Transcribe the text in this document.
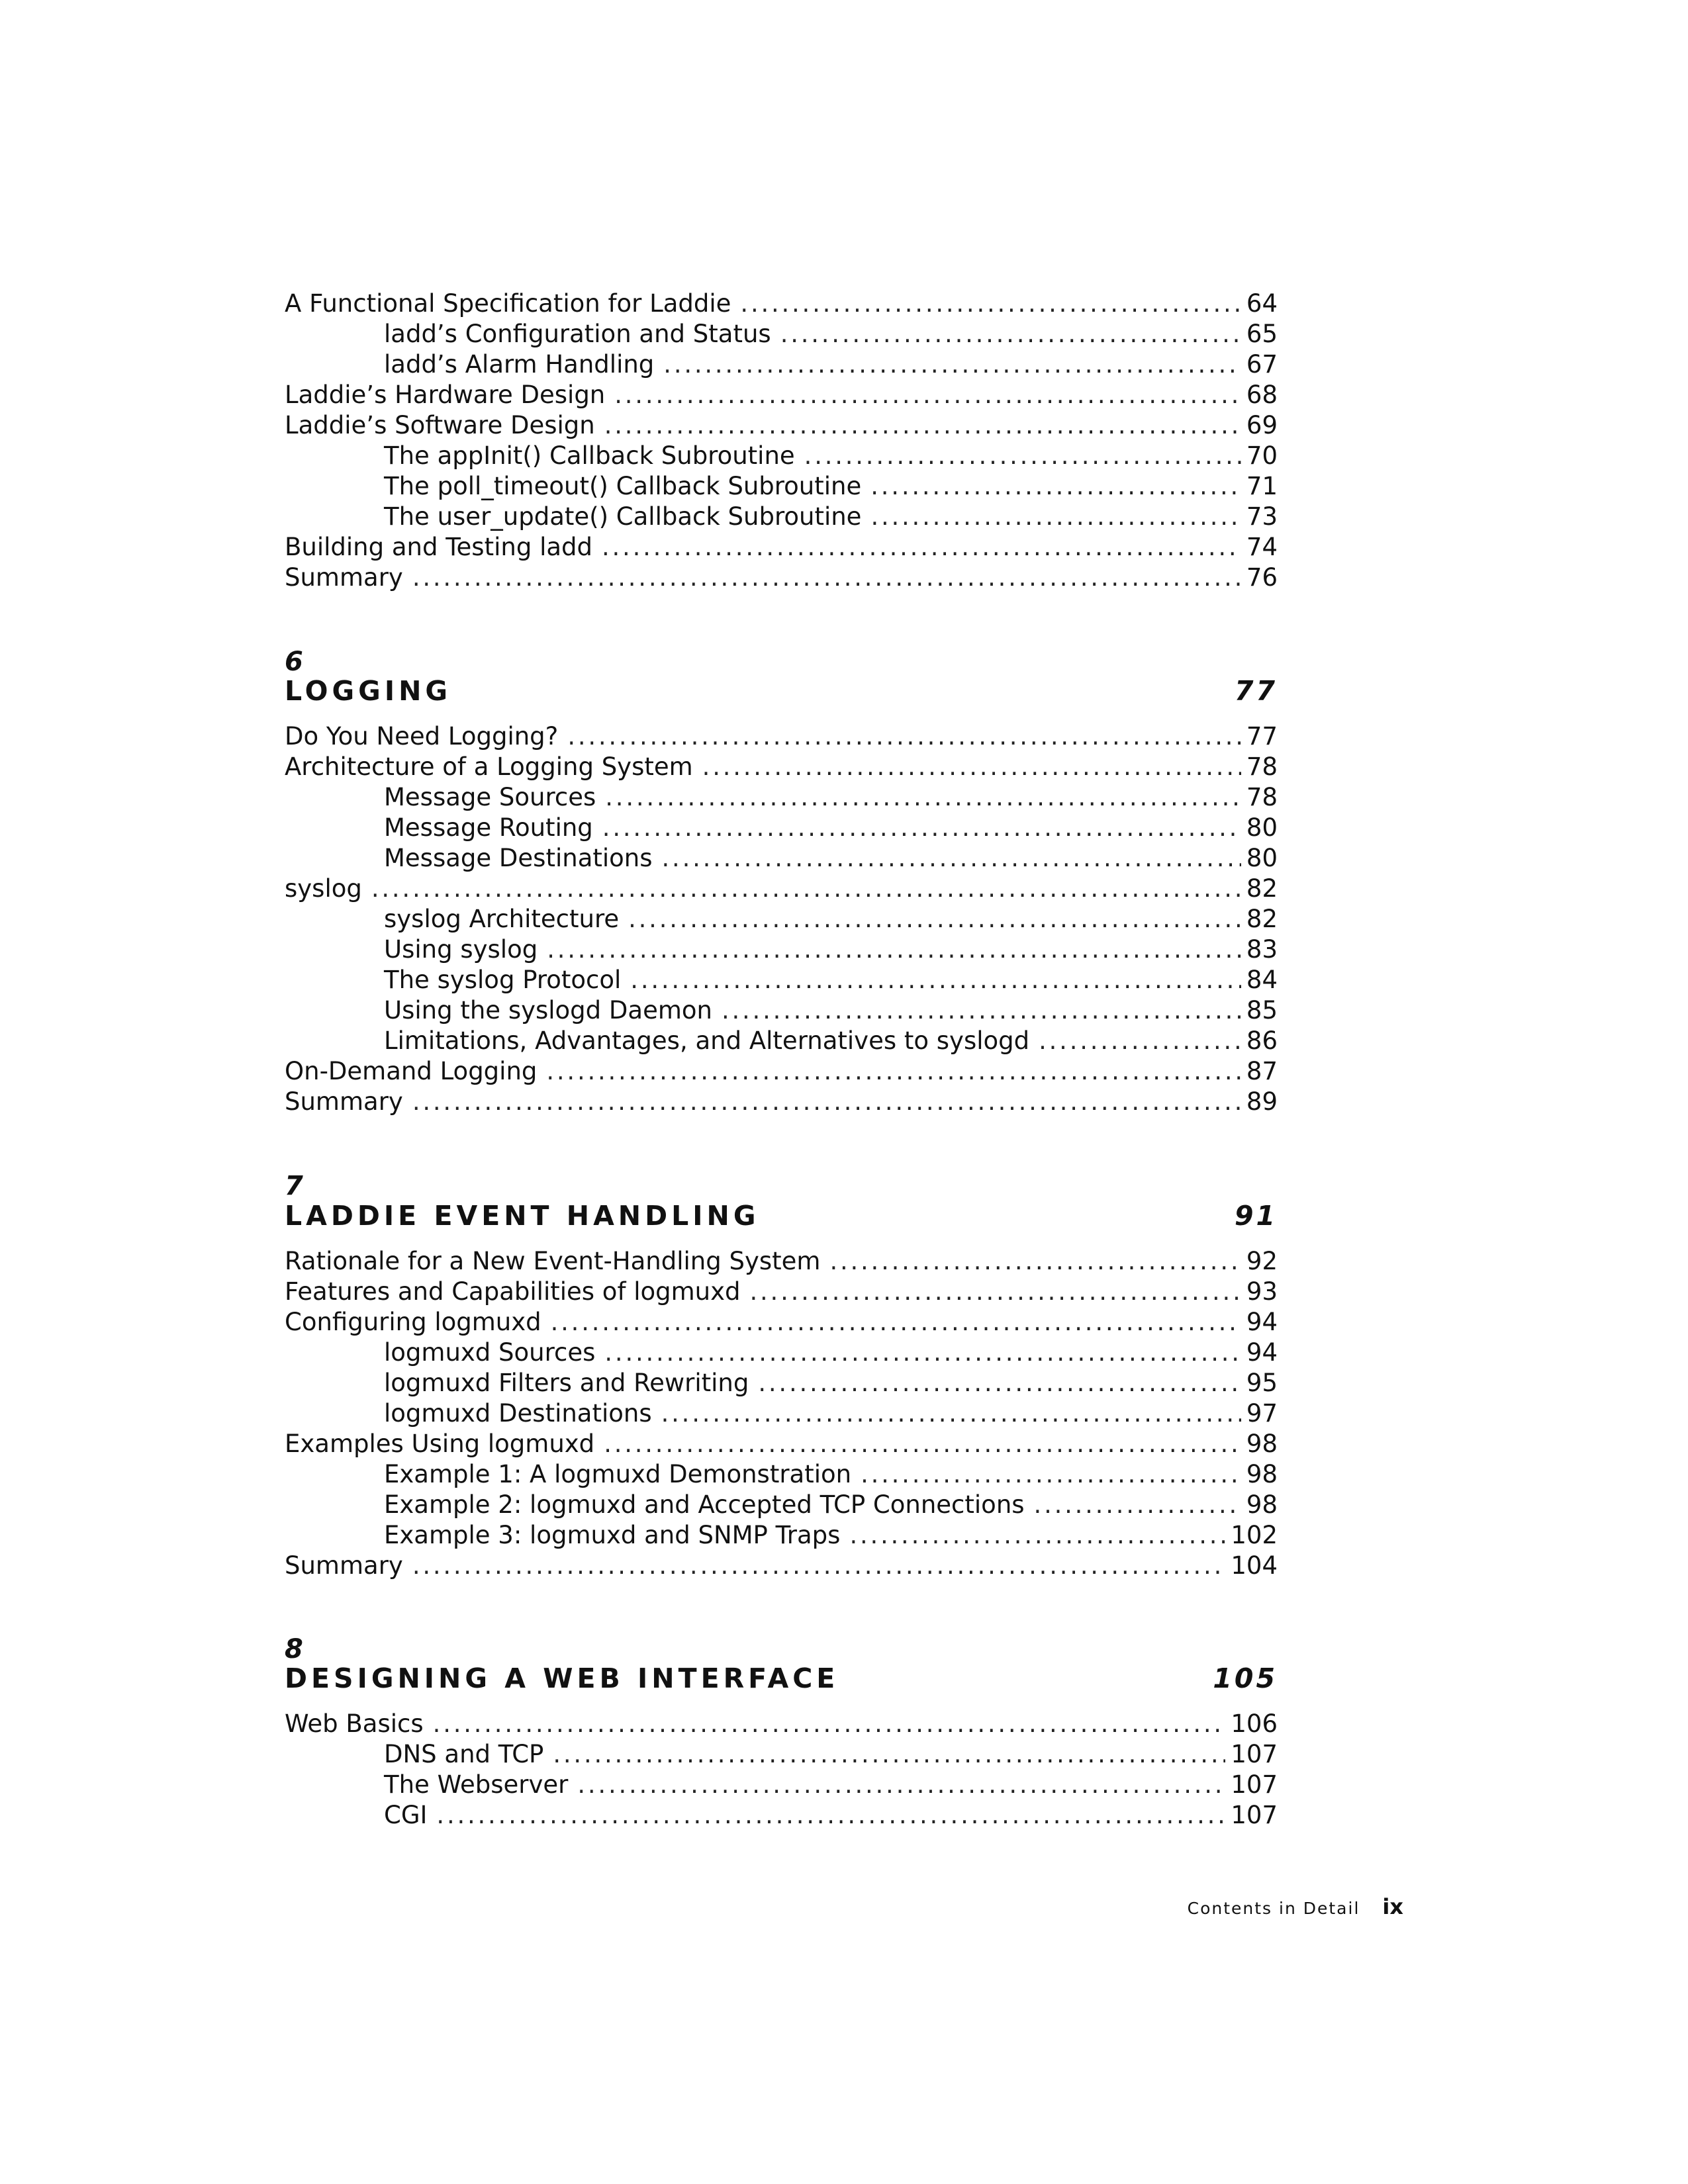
A Functional Specification for Laddie . . .	64
ladd’s Configuration and Status . . .	65
ladd’s Alarm Handling . . .	67
Laddie’s Hardware Design . . .	68
Laddie’s Software Design . . .	69
The appInit() Callback Subroutine . . .	70
The poll_timeout() Callback Subroutine . . .	71
The user_update() Callback Subroutine . . .	73
Building and Testing ladd . . .	74
Summary . . .	76
6
LOGGING	77
Do You Need Logging? . . .	77
Architecture of a Logging System . . .	78
Message Sources . . .	78
Message Routing . . .	80
Message Destinations . . .	80
syslog . . .	82
syslog Architecture . . .	82
Using syslog . . .	83
The syslog Protocol . . .	84
Using the syslogd Daemon . . .	85
Limitations, Advantages, and Alternatives to syslogd . . .	86
On-Demand Logging . . .	87
Summary . . .	89
7
LADDIE EVENT HANDLING	91
Rationale for a New Event-Handling System . . .	92
Features and Capabilities of logmuxd . . .	93
Configuring logmuxd . . .	94
logmuxd Sources . . .	94
logmuxd Filters and Rewriting . . .	95
logmuxd Destinations . . .	97
Examples Using logmuxd . . .	98
Example 1: A logmuxd Demonstration . . .	98
Example 2: logmuxd and Accepted TCP Connections . . .	98
Example 3: logmuxd and SNMP Traps . . .	102
Summary . . .	104
8
DESIGNING A WEB INTERFACE	105
Web Basics . . .	106
DNS and TCP . . .	107
The Webserver . . .	107
CGI . . .	107
Contents in Detail ix
